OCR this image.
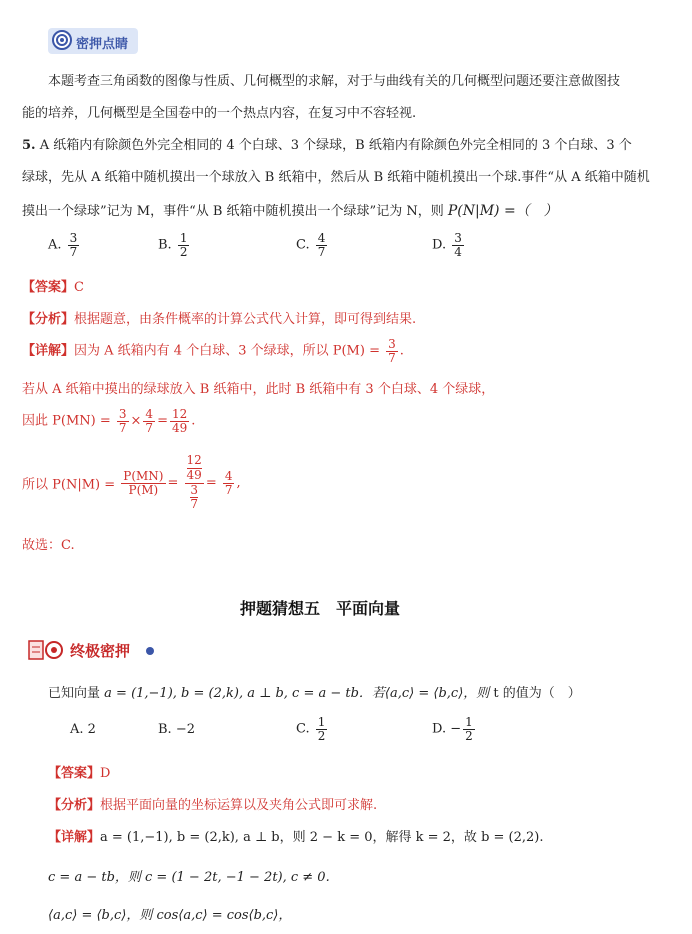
密押点睛
本题考查三角函数的图像与性质、几何概型的求解，对于与曲线有关的几何概型问题还要注意做图技
能的培养，几何概型是全国卷中的一个热点内容，在复习中不容轻视.
5. A 纸箱内有除颜色外完全相同的 4 个白球、3 个绿球，B 纸箱内有除颜色外完全相同的 3 个白球、3 个
绿球，先从 A 纸箱中随机摸出一个球放入 B 纸箱中，然后从 B 纸箱中随机摸出一个球.事件“从 A 纸箱中随机
摸出一个绿球”记为 M，事件“从 B 纸箱中随机摸出一个绿球”记为 N，则 P(N|M) =（　）
A. $\frac{3}{7}$	B. $\frac{1}{2}$	C. $\frac{4}{7}$	D. $\frac{3}{4}$
【答案】C
【分析】根据题意，由条件概率的计算公式代入计算，即可得到结果.
【详解】因为 A 纸箱内有 4 个白球、3 个绿球，所以 $P(M) = \frac{3}{7}$ .
若从 A 纸箱中摸出的绿球放入 B 纸箱中，此时 B 纸箱中有 3 个白球、4 个绿球，
因此 $P(MN) = \frac{3}{7} \times \frac{4}{7} = \frac{12}{49}$ .
所以 $P(N|M) = \frac{P(MN)}{P(M)} = \frac{12}{49}$
3
$7 = \frac{4}{7}$ ,
故选：C.
押题猜想五　平面向量
终极密押
已知向量 a = (1,−1), b = (2,k), a ⊥ b, c = a − tb．若⟨a,c⟩ = ⟨b,c⟩，则 t 的值为（　）
A. 2	B. −2	C. $\frac{1}{2}$	D. − $\frac{1}{2}$
【答案】D
【分析】根据平面向量的坐标运算以及夹角公式即可求解.
【详解】a = (1,−1), b = (2,k), a ⊥ b，则 2 − k = 0，解得 k = 2，故 b = (2,2).
c = a − tb，则 c = (1 − 2t, −1 − 2t), c ≠ 0.
⟨a,c⟩ = ⟨b,c⟩，则 cos⟨a,c⟩ = cos⟨b,c⟩，
